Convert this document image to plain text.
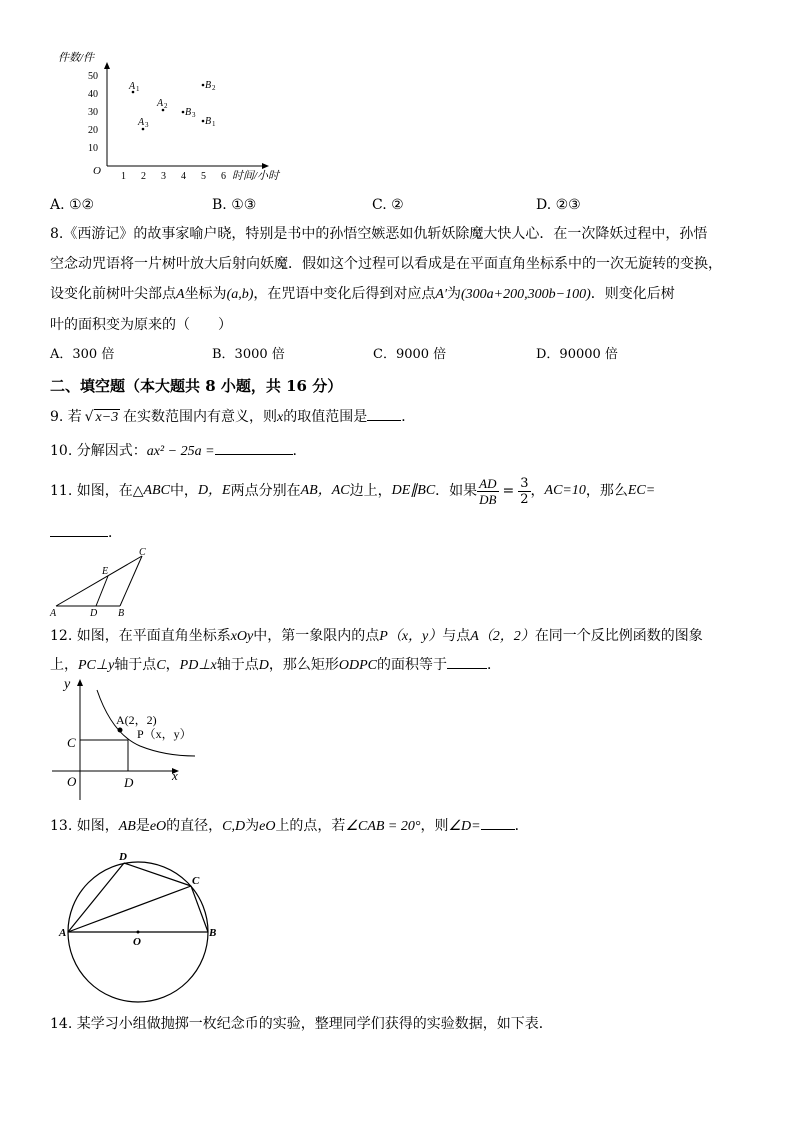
件数/件
O
50
40
30
20
10
1 2 3 4 5 6 时间/小时
A 1
A 2
A 3	B 1
B 2
B 3
A. ①②	B. ①③	C. ②	D. ②③
8.《西游记》的故事家喻户晓，特别是书中的孙悟空嫉恶如仇斩妖除魔大快人心．在一次降妖过程中，孙悟
空念动咒语将一片树叶放大后射向妖魔．假如这个过程可以看成是在平面直角坐标系中的一次无旋转的变换，
设变化前树叶尖部点A坐标为(a,b)，在咒语中变化后得到对应点A′为(300a+200,300b−100)．则变化后树
叶的面积变为原来的（　　）
A．300 倍	B．3000 倍	C．9000 倍	D．90000 倍
二、填空题（本大题共 8 小题，共 16 分）
9. 若  √ x−3  在实数范围内有意义，则x的取值范围是 ．
10. 分解因式：ax² − 25a =	.
11. 如图，在△ ABC 中， D，E 两点分别在 AB，AC 边上， DE∥BC ．如果 $\frac{AD}{DB} = \frac{3}{2}$ ， AC=10 ，那么 EC=
．
A	D B
E
C
12. 如图，在平面直角坐标系xOy中，第一象限内的点P（x，y）与点A（2，2）在同一个反比例函数的图象
上，PC⊥y轴于点C，PD⊥x轴于点D，那么矩形ODPC的面积等于	．
y
x
O
C
D
A(2，2)
P（x，y）
13. 如图，AB是eO的直径，C,D为eO上的点，若∠CAB = 20°，则∠D= ．
D
C
A
O
B
14. 某学习小组做抛掷一枚纪念币的实验，整理同学们获得的实验数据，如下表．
